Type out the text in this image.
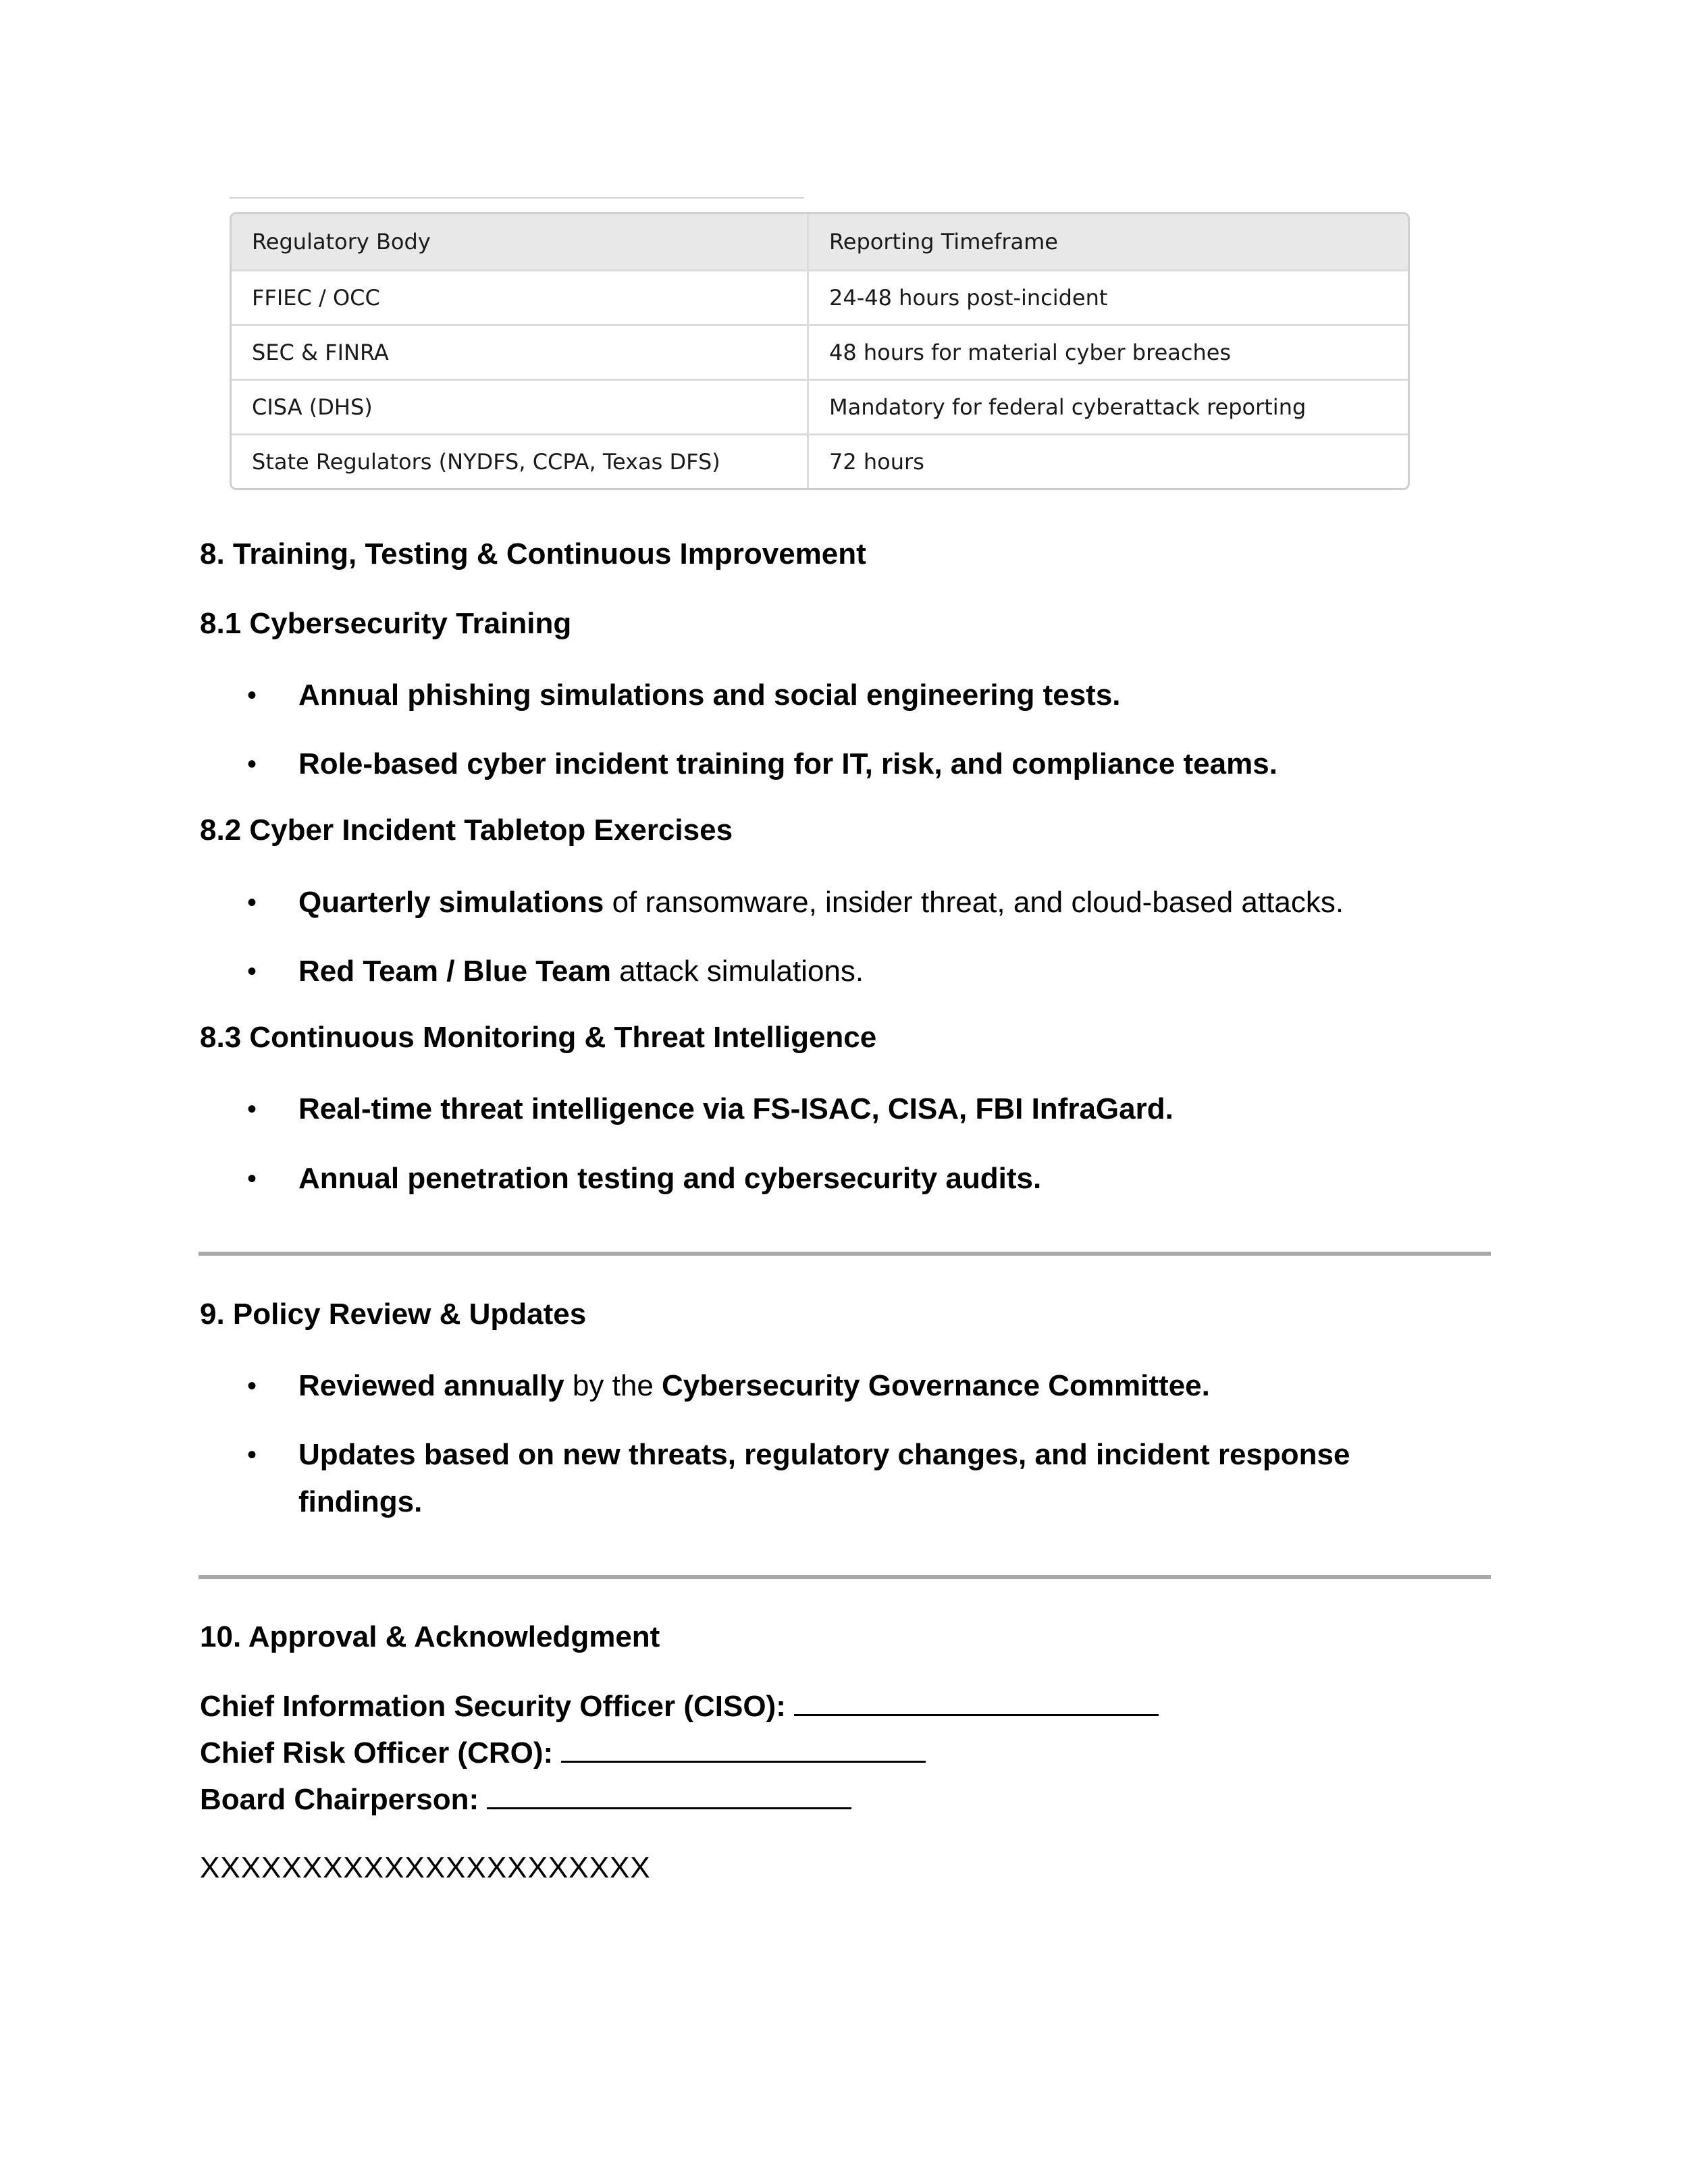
Regulatory Body	Reporting Timeframe
FFIEC / OCC	24-48 hours post-incident
SEC & FINRA	48 hours for material cyber breaches
CISA (DHS)	Mandatory for federal cyberattack reporting
State Regulators (NYDFS, CCPA, Texas DFS)	72 hours
8. Training, Testing & Continuous Improvement
8.1 Cybersecurity Training
• Annual phishing simulations and social engineering tests.
• Role-based cyber incident training for IT, risk, and compliance teams.
8.2 Cyber Incident Tabletop Exercises
• Quarterly simulations of ransomware, insider threat, and cloud-based attacks.
• Red Team / Blue Team attack simulations.
8.3 Continuous Monitoring & Threat Intelligence
• Real-time threat intelligence via FS-ISAC, CISA, FBI InfraGard.
• Annual penetration testing and cybersecurity audits.
9. Policy Review & Updates
• Reviewed annually by the Cybersecurity Governance Committee.
• Updates based on new threats, regulatory changes, and incident response
findings.
10. Approval & Acknowledgment
Chief Information Security Officer (CISO):
Chief Risk Officer (CRO):
Board Chairperson:
XXXXXXXXXXXXXXXXXXXXXX
